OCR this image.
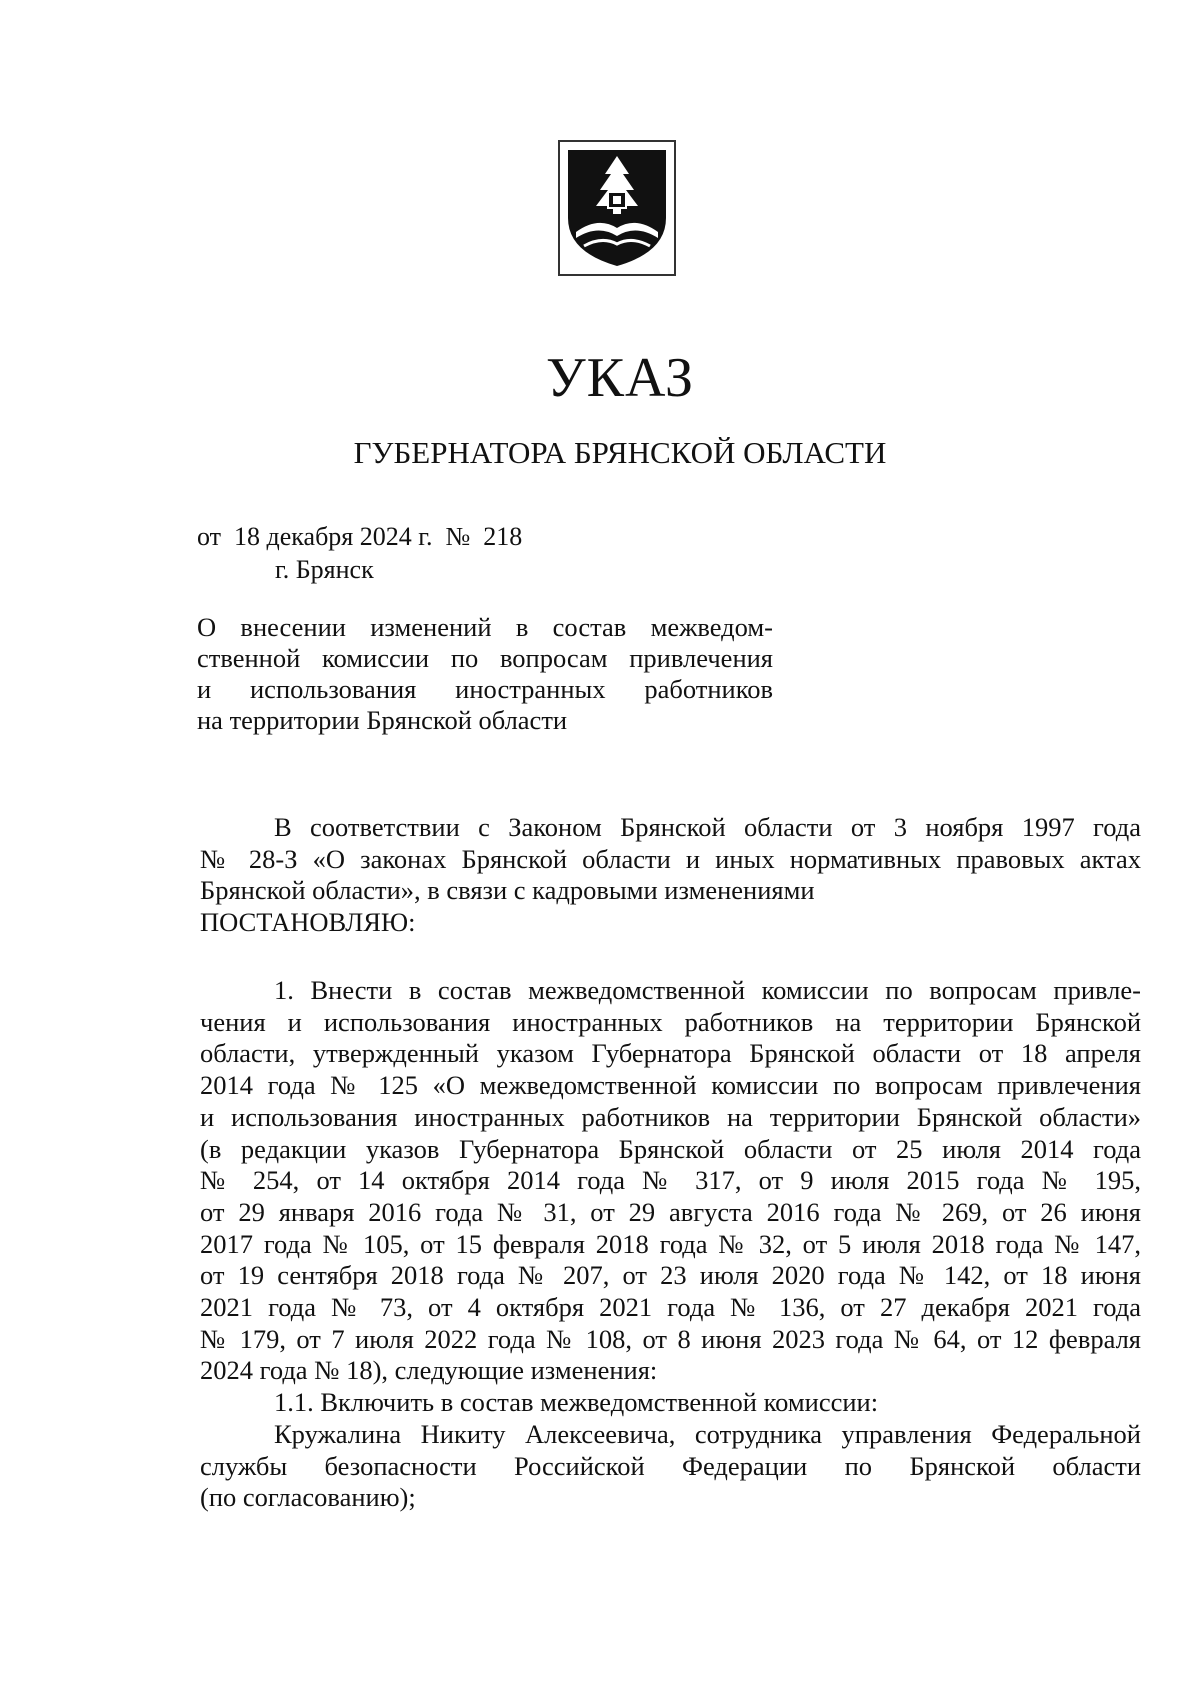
УКАЗ
ГУБЕРНАТОРА БРЯНСКОЙ ОБЛАСТИ
от  18 декабря 2024 г.  №  218
г. Брянск
О внесении изменений в состав межведом-
ственной комиссии по вопросам привлечения
и использования иностранных работников
на территории Брянской области
В соответствии с Законом Брянской области от 3 ноября 1997 года
№ 28-З «О законах Брянской области и иных нормативных правовых актах
Брянской области», в связи с кадровыми изменениями
ПОСТАНОВЛЯЮ:
1. Внести в состав межведомственной комиссии по вопросам привле-
чения и использования иностранных работников на территории Брянской
области, утвержденный указом Губернатора Брянской области от 18 апреля
2014 года № 125 «О межведомственной комиссии по вопросам привлечения
и использования иностранных работников на территории Брянской области»
(в редакции указов Губернатора Брянской области от 25 июля 2014 года
№ 254, от 14 октября 2014 года № 317, от 9 июля 2015 года № 195,
от 29 января 2016 года № 31, от 29 августа 2016 года № 269, от 26 июня
2017 года № 105, от 15 февраля 2018 года № 32, от 5 июля 2018 года № 147,
от 19 сентября 2018 года № 207, от 23 июля 2020 года № 142, от 18 июня
2021 года № 73, от 4 октября 2021 года № 136, от 27 декабря 2021 года
№ 179, от 7 июля 2022 года № 108, от 8 июня 2023 года № 64, от 12 февраля
2024 года № 18), следующие изменения:
1.1. Включить в состав межведомственной комиссии:
Кружалина Никиту Алексеевича, сотрудника управления Федеральной
службы безопасности Российской Федерации по Брянской области
(по согласованию);
